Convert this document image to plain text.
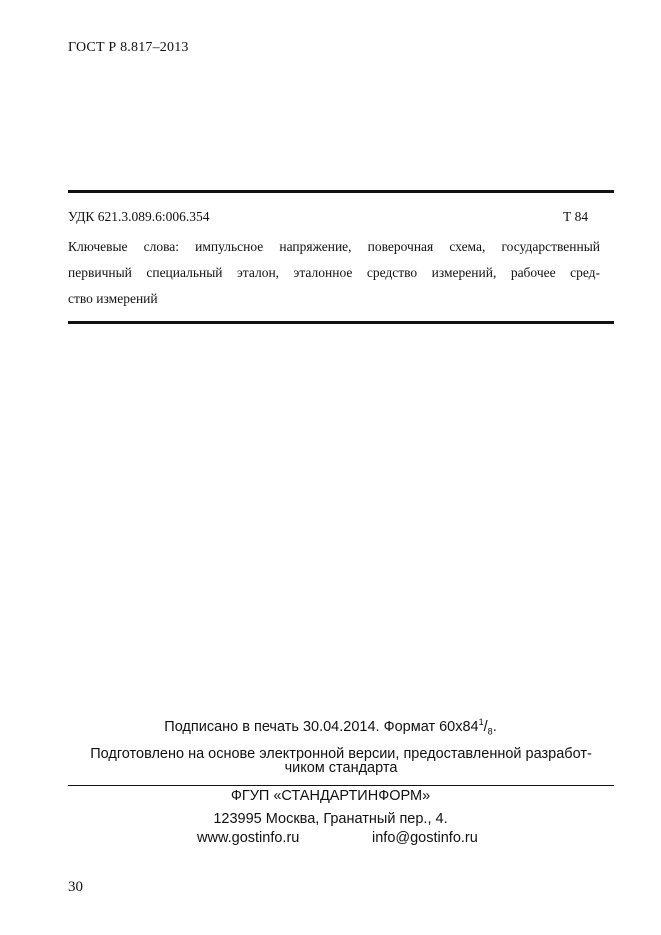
ГОСТ Р 8.817–2013
УДК 621.3.089.6:006.354	Т 84
Ключевые слова: импульсное напряжение, поверочная схема, государственный
первичный специальный эталон, эталонное средство измерений, рабочее сред-
ство измерений
Подписано в печать 30.04.2014. Формат $60х84^1/_8$.
Подготовлено на основе электронной версии, предоставленной разработ-
чиком стандарта
ФГУП «СТАНДАРТИНФОРМ»
123995 Москва, Гранатный пер., 4.
www.gostinfo.ru	info@gostinfo.ru
30
